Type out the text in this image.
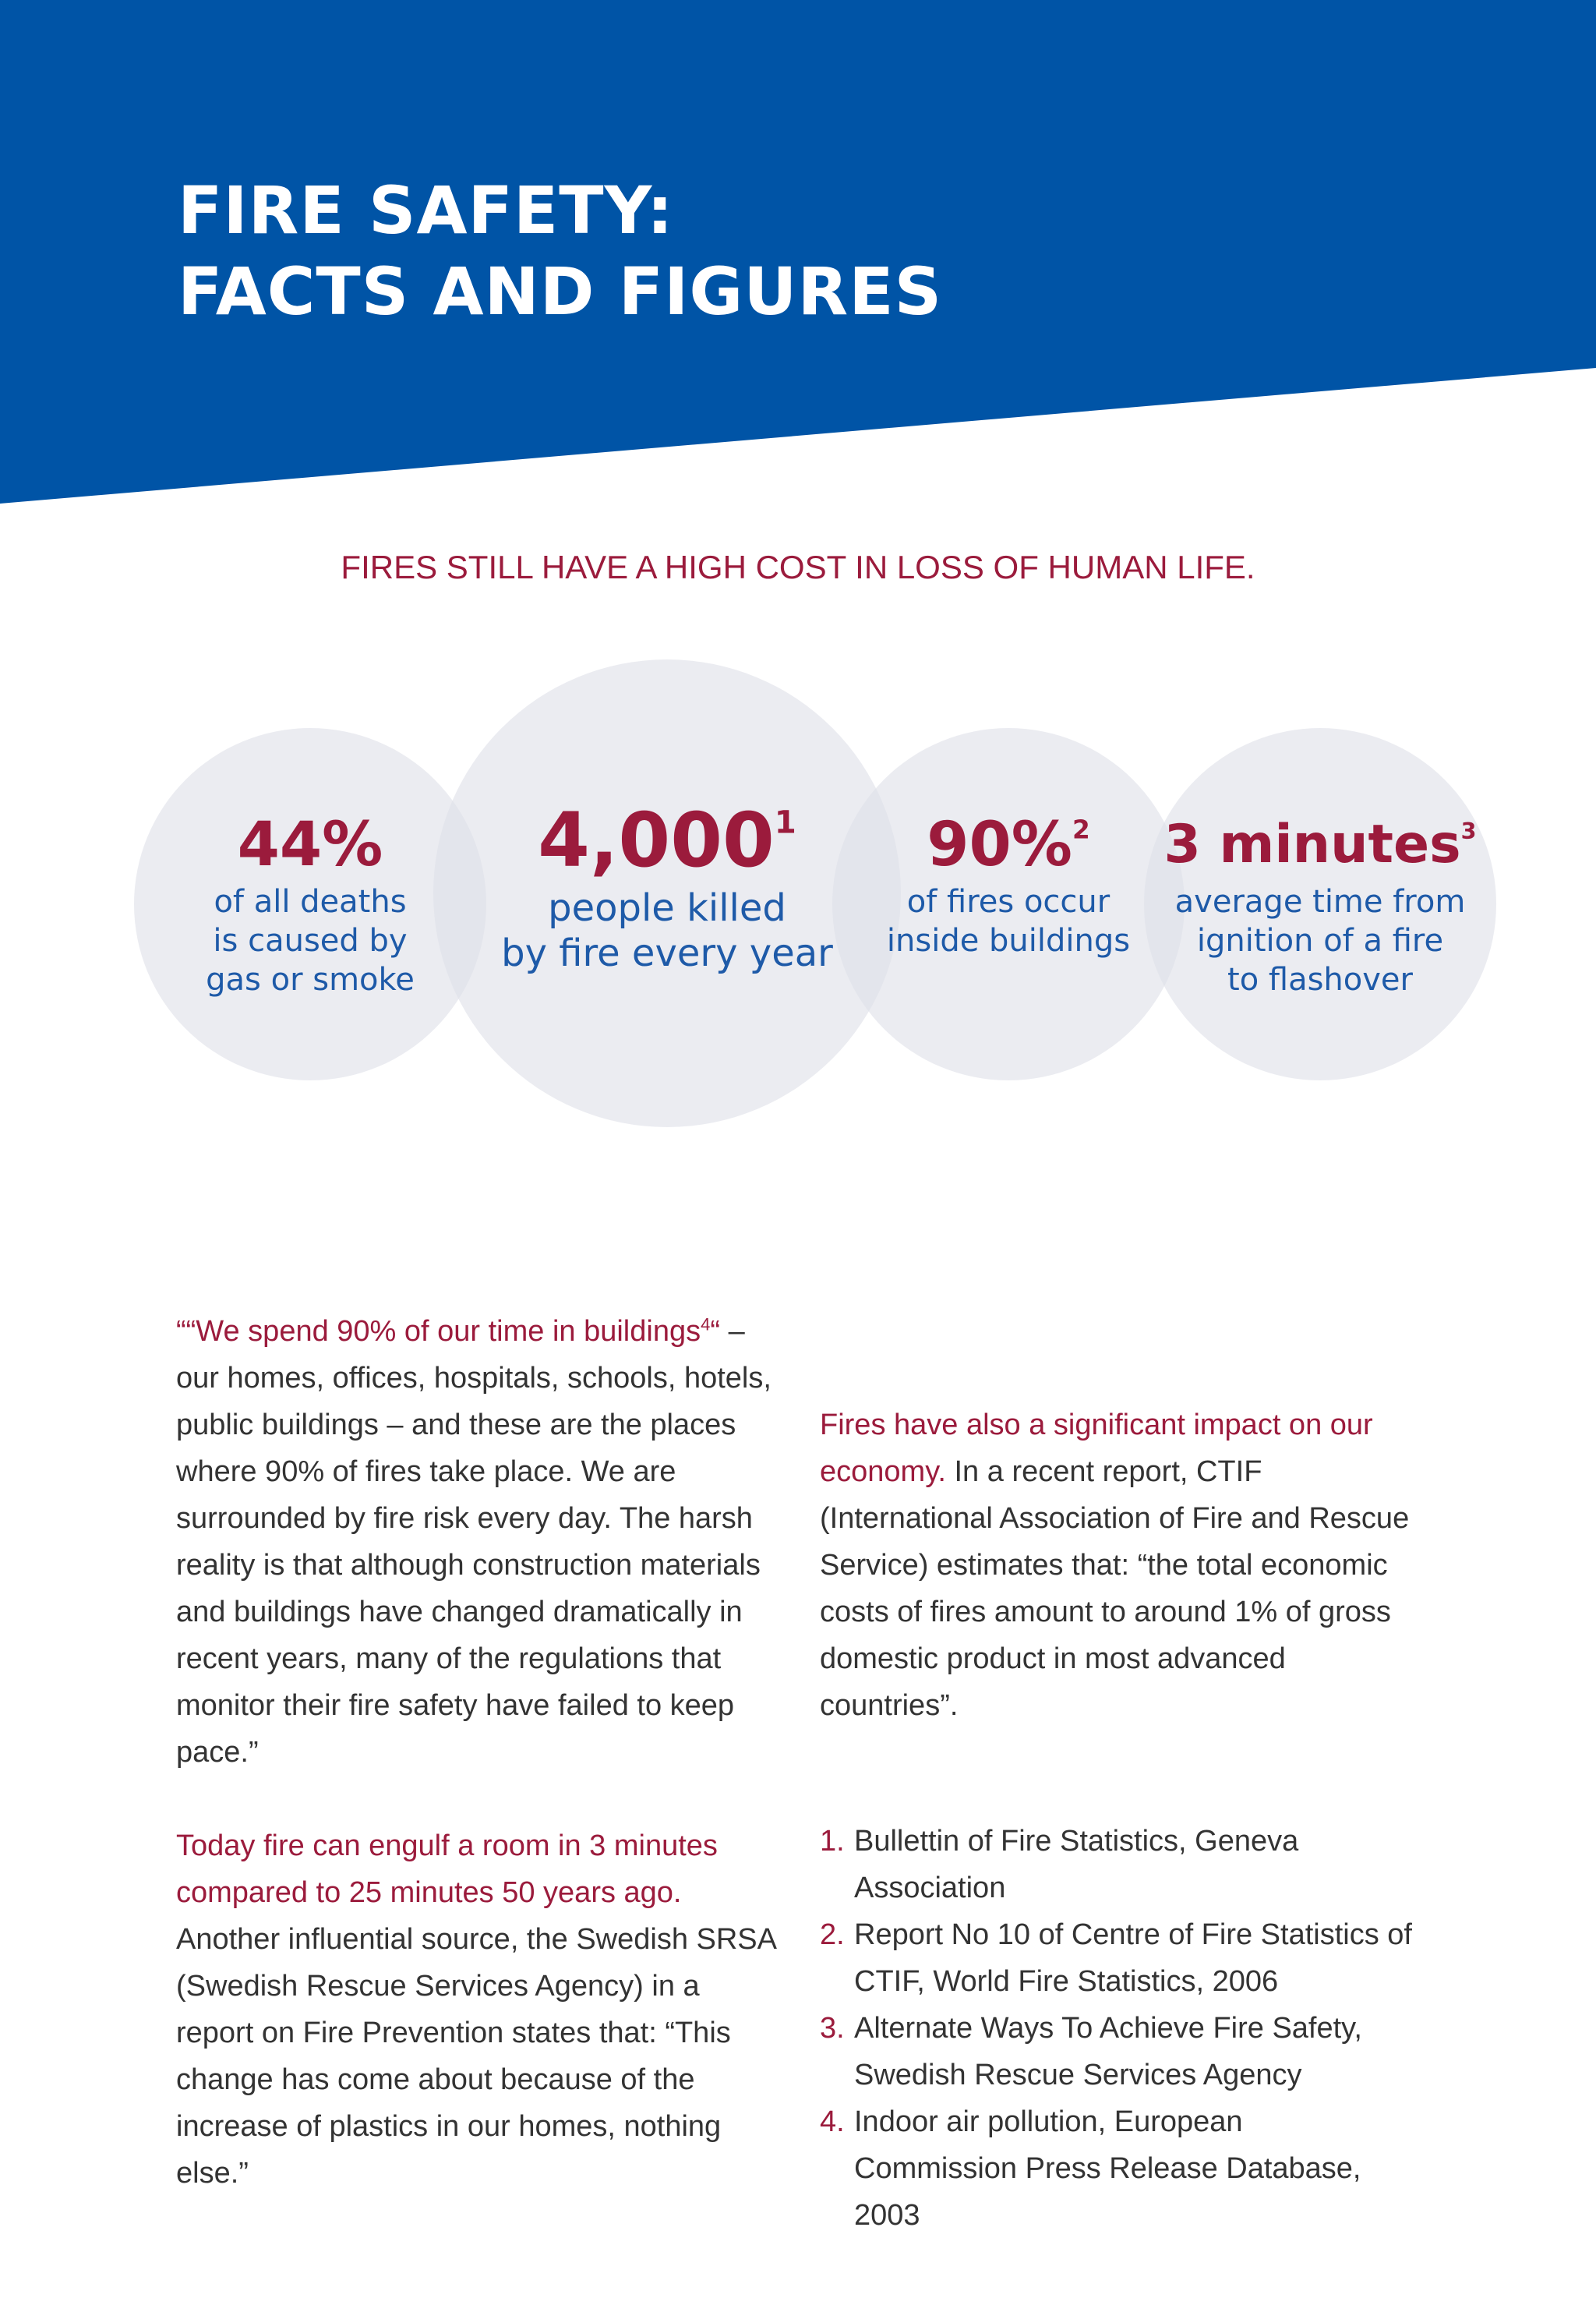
FIRE SAFETY:
FACTS AND FIGURES
FIRES STILL HAVE A HIGH COST IN LOSS OF HUMAN LIFE.
44%
of all deaths
is caused by
gas or smoke
4,000$^1$
people killed
by fire every year
90%$^2$
of fires occur
inside buildings
3 minutes$^3$
average time from
ignition of a fire
to flashover

““We spend 90% of our time in buildings$^4$“ – our homes, offices, hospitals, schools, hotels, public buildings – and these are the places where 90% of fires take place. We are surrounded by fire risk every day. The harsh reality is that although construction materials and buildings have changed dramatically in recent years, many of the regulations that monitor their fire safety have failed to keep pace.”

Today fire can engulf a room in 3 minutes compared to 25 minutes 50 years ago. Another influential source, the Swedish SRSA (Swedish Rescue Services Agency) in a report on Fire Prevention states that: “This change has come about because of the increase of plastics in our homes, nothing else.”

Fires have also a significant impact on our economy. In a recent report, CTIF (International Association of Fire and Rescue Service) estimates that: “the total economic costs of fires amount to around 1% of gross domestic product in most advanced countries”.

1. Bullettin of Fire Statistics, Geneva Association
2. Report No 10 of Centre of Fire Statistics of CTIF, World Fire Statistics, 2006
3. Alternate Ways To Achieve Fire Safety, Swedish Rescue Services Agency
4. Indoor air pollution, European Commission Press Release Database, 2003
